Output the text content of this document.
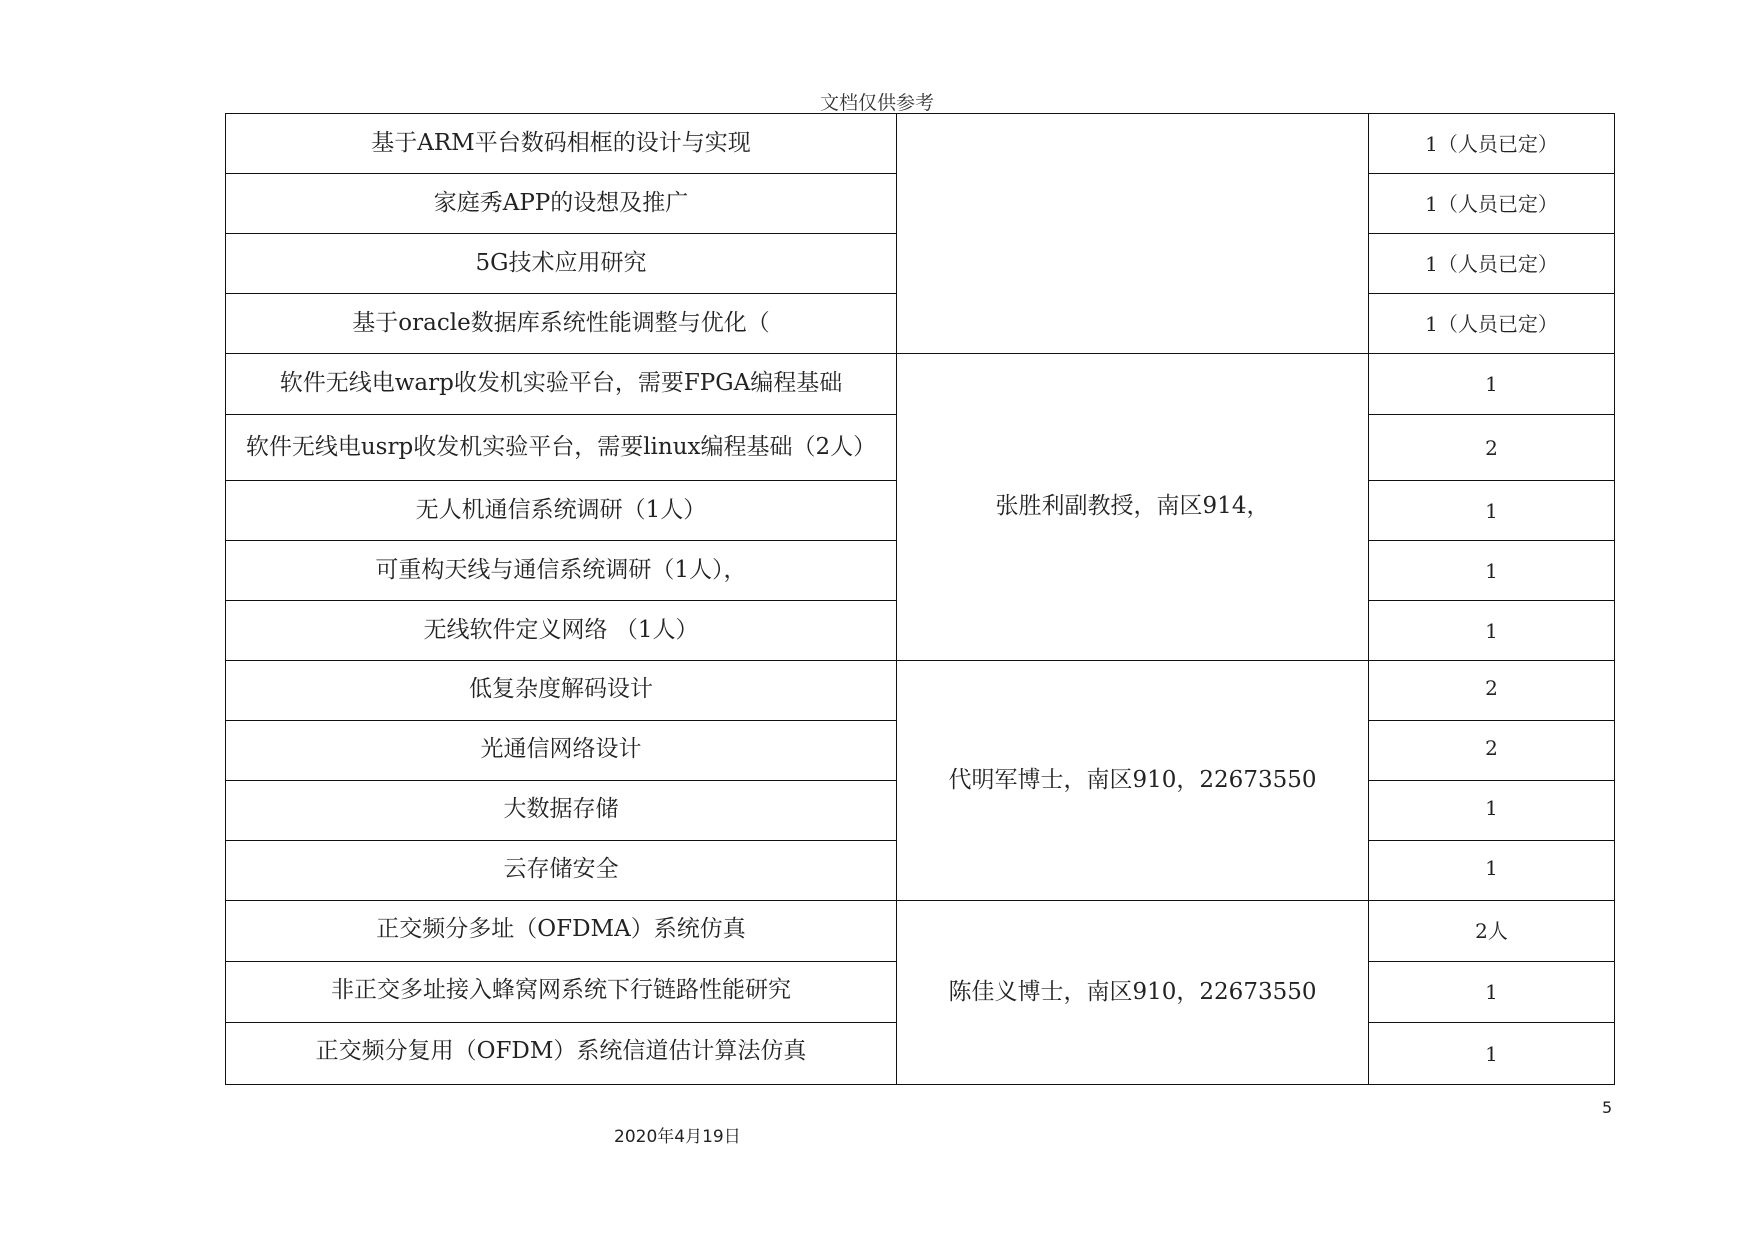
文档仅供参考
基于ARM平台数码相框的设计与实现		1（人员已定）
家庭秀APP的设想及推广		1（人员已定）
5G技术应用研究		1（人员已定）
基于oracle数据库系统性能调整与优化（		1（人员已定）
软件无线电warp收发机实验平台，需要FPGA编程基础	张胜利副教授，南区914，	1
软件无线电usrp收发机实验平台，需要linux编程基础（2人）		2
无人机通信系统调研（1人）		1
可重构天线与通信系统调研（1人），		1
无线软件定义网络 （1人）		1
低复杂度解码设计	代明军博士，南区910，22673550	2
光通信网络设计		2
大数据存储		1
云存储安全		1
正交频分多址（OFDMA）系统仿真	陈佳义博士，南区910，22673550	2人
非正交多址接入蜂窝网系统下行链路性能研究		1
正交频分复用（OFDM）系统信道估计算法仿真		1
5
2020年4月19日
